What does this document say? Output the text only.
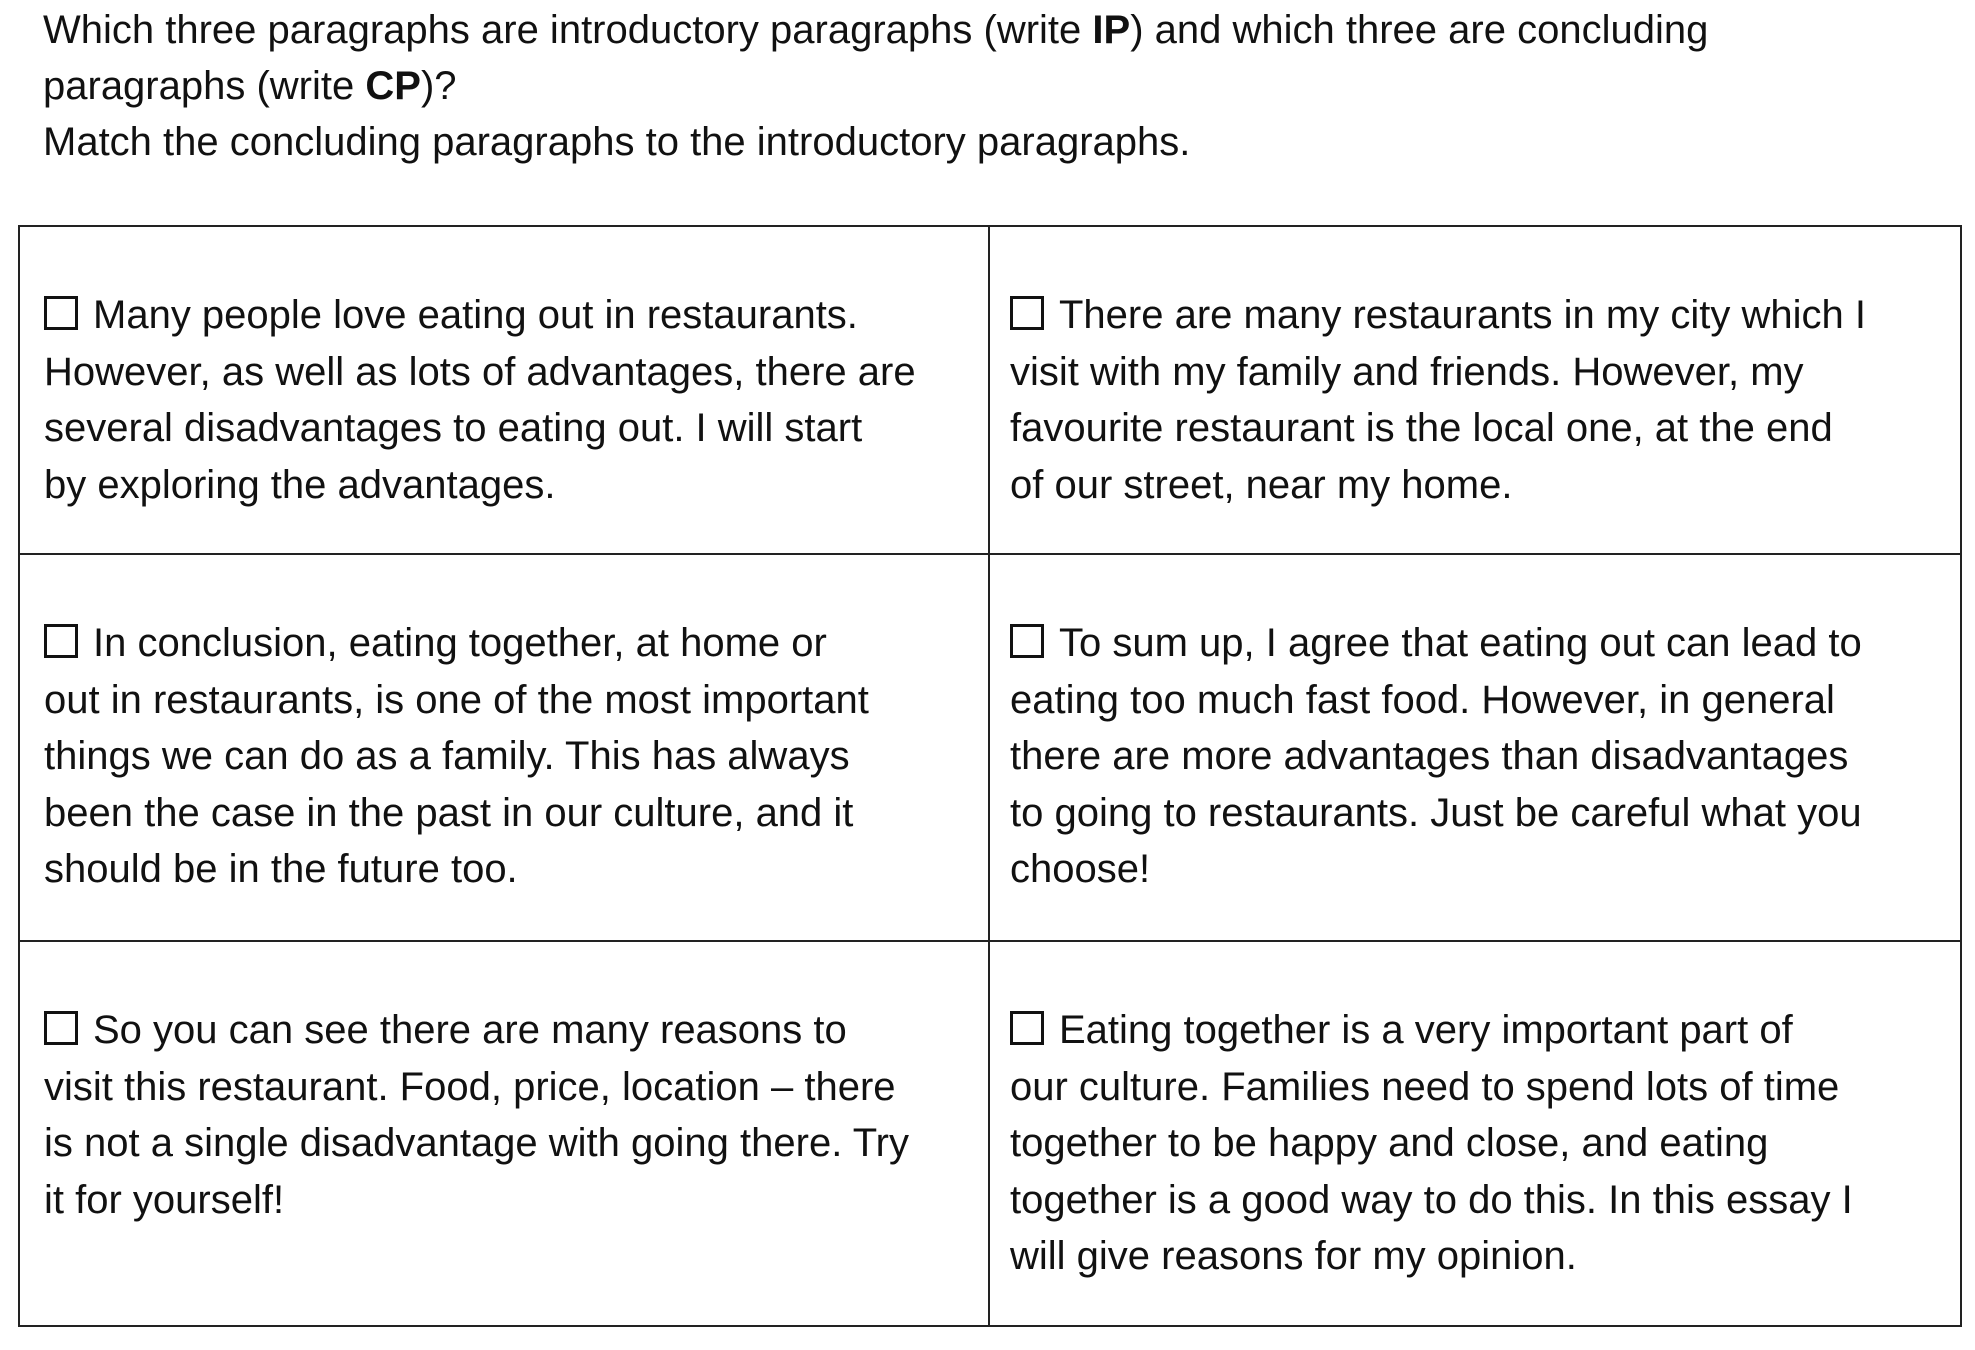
Which three paragraphs are introductory paragraphs (write IP) and which three are concluding
paragraphs (write CP)?
Match the concluding paragraphs to the introductory paragraphs.
Many people love eating out in restaurants.
However, as well as lots of advantages, there are
several disadvantages to eating out. I will start
by exploring the advantages.
There are many restaurants in my city which I
visit with my family and friends. However, my
favourite restaurant is the local one, at the end
of our street, near my home.
In conclusion, eating together, at home or
out in restaurants, is one of the most important
things we can do as a family. This has always
been the case in the past in our culture, and it
should be in the future too.
To sum up, I agree that eating out can lead to
eating too much fast food. However, in general
there are more advantages than disadvantages
to going to restaurants. Just be careful what you
choose!
So you can see there are many reasons to
visit this restaurant. Food, price, location – there
is not a single disadvantage with going there. Try
it for yourself!
Eating together is a very important part of
our culture. Families need to spend lots of time
together to be happy and close, and eating
together is a good way to do this. In this essay I
will give reasons for my opinion.
